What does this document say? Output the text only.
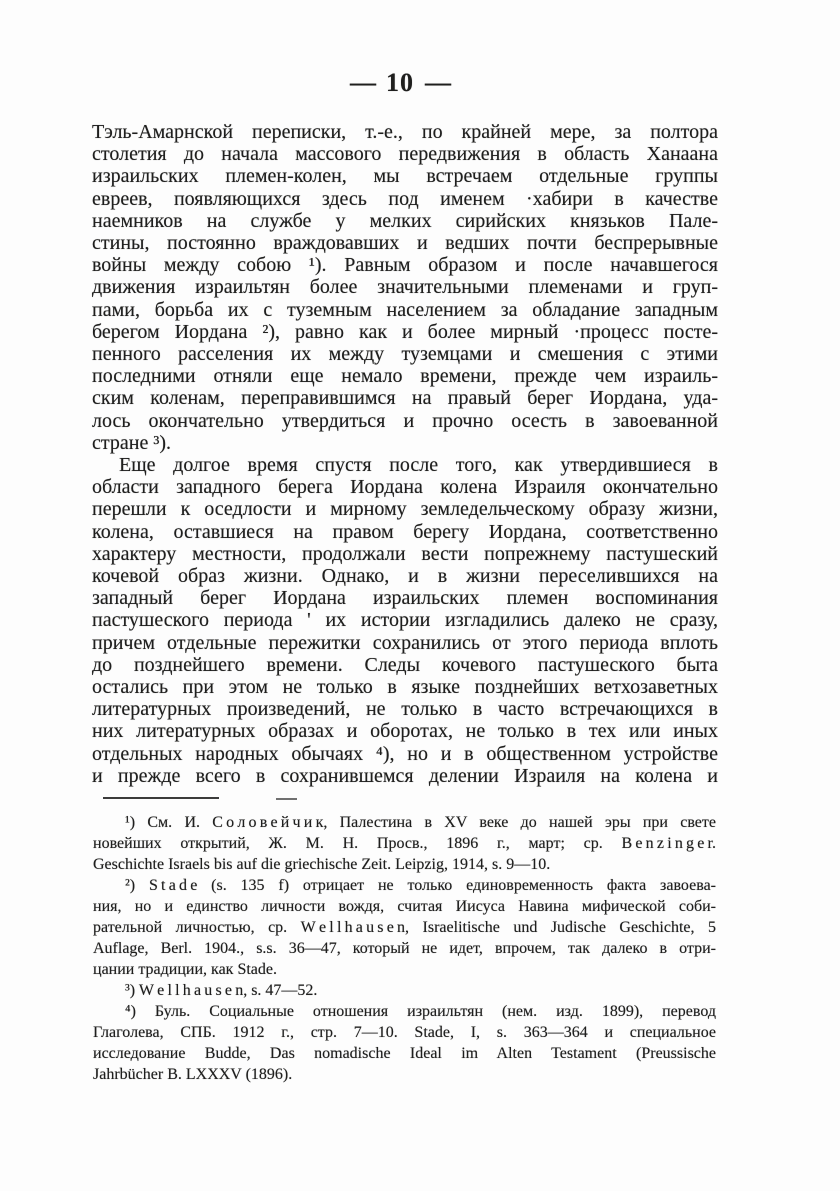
— 10 —
Тэль-Амарнской переписки, т.-е., по крайней мере, за полтора
столетия до начала массового передвижения в область Ханаана
израильских племен-колен, мы встречаем отдельные группы
евреев, появляющихся здесь под именем ·хабири в качестве
наемников на службе у мелких сирийских князьков Пале-
стины, постоянно враждовавших и ведших почти беспрерывные
войны между собою ¹). Равным образом и после начавшегося
движения израильтян более значительными племенами и груп-
пами, борьба их с туземным населением за обладание западным
берегом Иордана ²), равно как и более мирный ·процесс посте-
пенного расселения их между туземцами и смешения с этими
последними отняли еще немало времени, прежде чем израиль-
ским коленам, переправившимся на правый берег Иордана, уда-
лось окончательно утвердиться и прочно осесть в завоеванной
стране ³).
Еще долгое время спустя после того, как утвердившиеся в
области западного берега Иордана колена Израиля окончательно
перешли к оседлости и мирному земледельческому образу жизни,
колена, оставшиеся на правом берегу Иордана, соответственно
характеру местности, продолжали вести попрежнему пастушеский
кочевой образ жизни. Однако, и в жизни переселившихся на
западный берег Иордана израильских племен воспоминания
пастушеского периода ' их истории изгладились далеко не сразу,
причем отдельные пережитки сохранились от этого периода вплоть
до позднейшего времени. Следы кочевого пастушеского быта
остались при этом не только в языке позднейших ветхозаветных
литературных произведений, не только в часто встречающихся в
них литературных образах и оборотах, не только в тех или иных
отдельных народных обычаях ⁴), но и в общественном устройстве
и прежде всего в сохранившемся делении Израиля на колена и
¹) См. И. С о л о в е й ч и к, Палестина в XV веке до нашей эры при свете
новейших открытий, Ж. М. Н. Просв., 1896 г., март; ср. B e n z i n g e r.
Geschichte Israels bis auf die griechische Zeit. Leipzig, 1914, s. 9—10.
²) S t a d e (s. 135 f) отрицает не только единовременность факта завоева-
ния, но и единство личности вождя, считая Иисуса Навина мифической соби-
рательной личностью, ср. W e l l h a u s e n, Israelitische und Judische Geschichte, 5
Auflage, Berl. 1904., s.s. 36—47, который не идет, впрочем, так далеко в отри-
цании традиции, как Stade.
³) W e l l h a u s e n, s. 47—52.
⁴) Буль. Социальные отношения израильтян (нем. изд. 1899), перевод
Глаголева, СПБ. 1912 г., стр. 7—10. Stade, I, s. 363—364 и специальное
исследование Budde, Das nomadische Ideal im Alten Testament (Preussische
Jahrbücher B. LXXXV (1896).
